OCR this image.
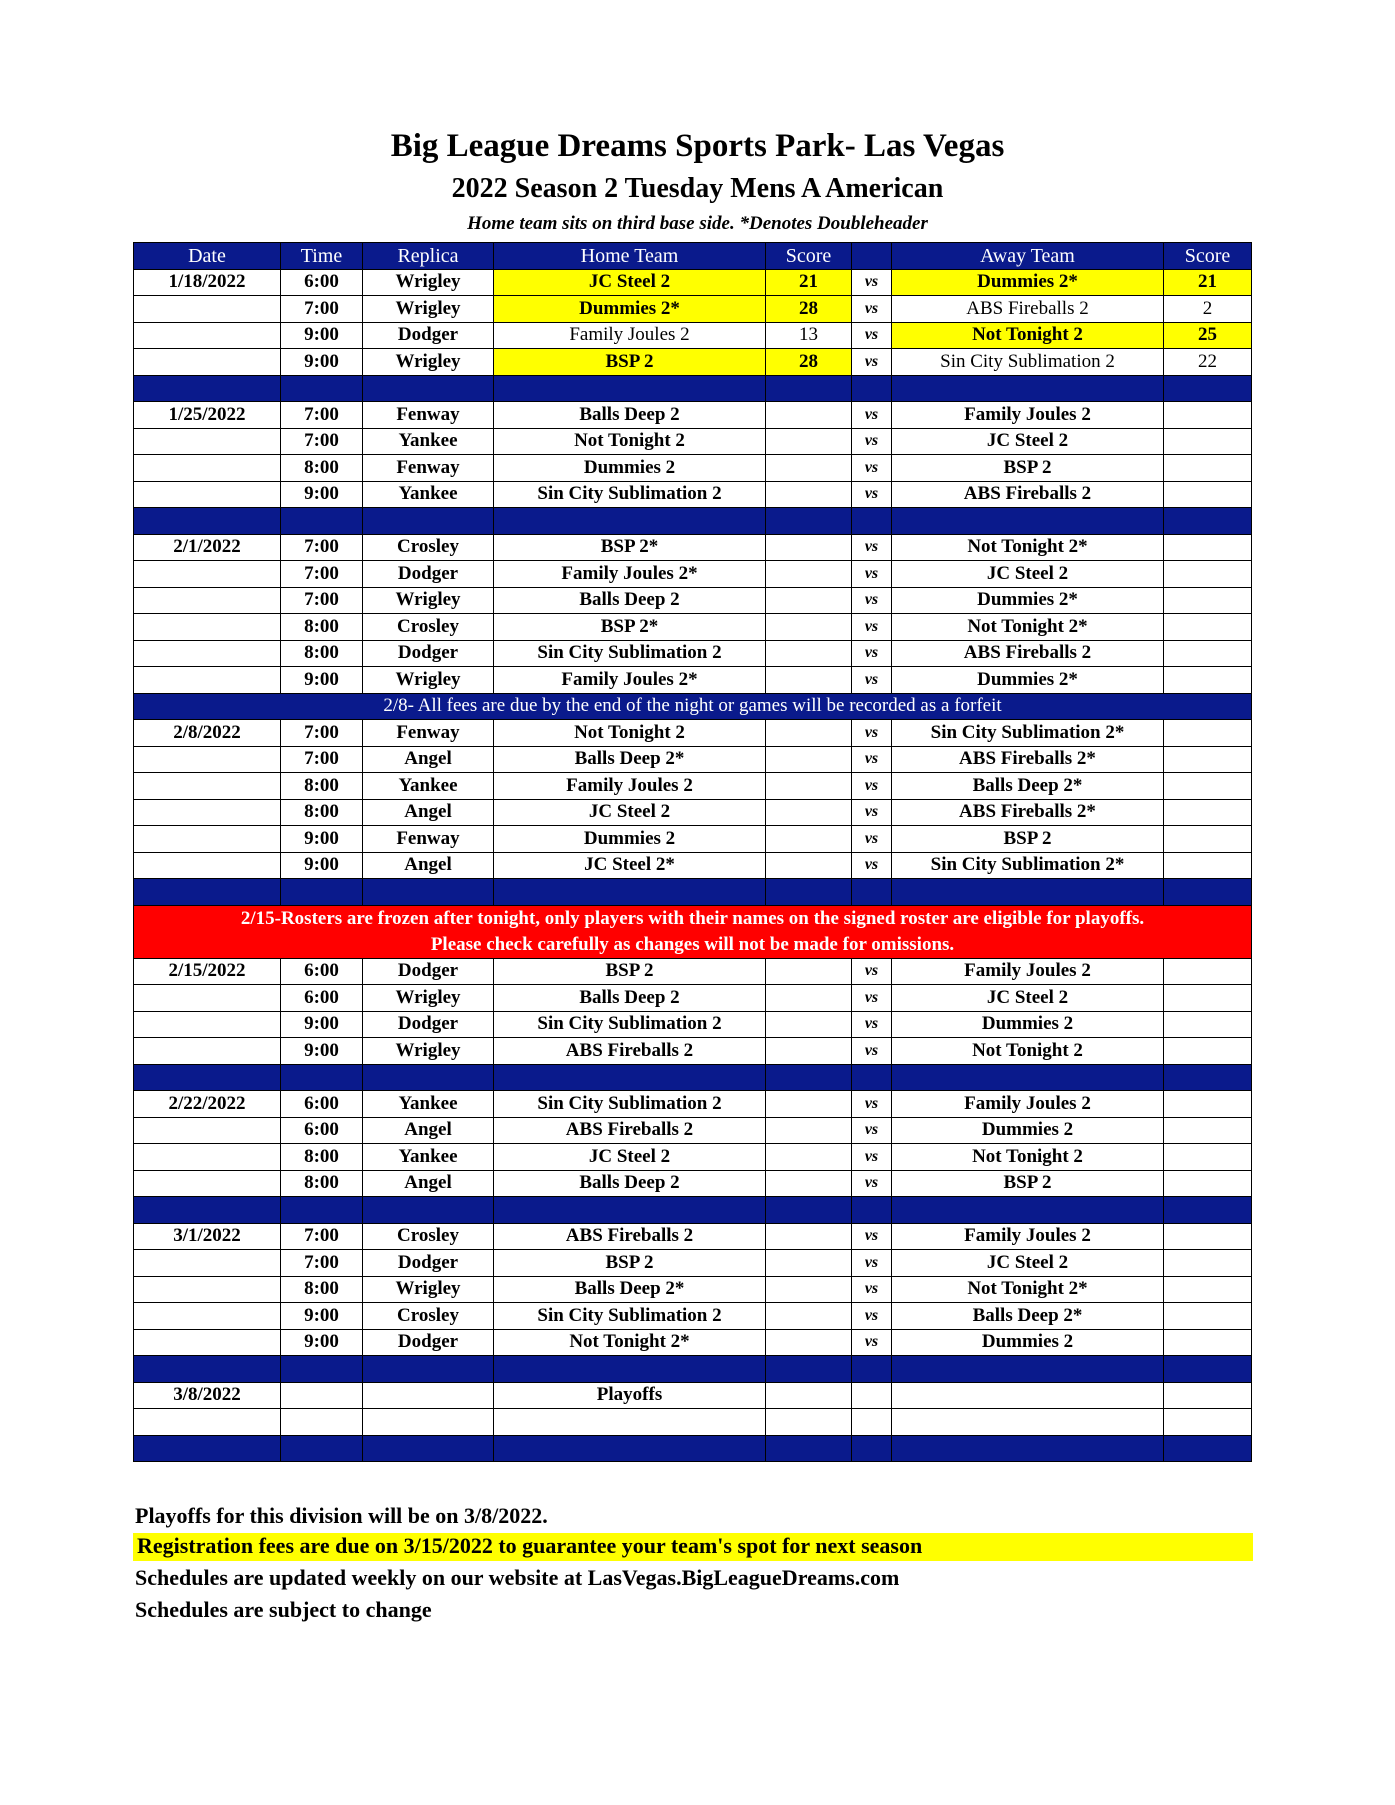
Big League Dreams Sports Park- Las Vegas
2022 Season 2 Tuesday Mens A American
Home team sits on third base side. *Denotes Doubleheader
Date	Time	Replica	Home Team	Score		Away Team	Score
1/18/2022	6:00	Wrigley	JC Steel 2	21	vs	Dummies 2*	21
	7:00	Wrigley	Dummies 2*	28	vs	ABS Fireballs 2	2
	9:00	Dodger	Family Joules 2	13	vs	Not Tonight 2	25
	9:00	Wrigley	BSP 2	28	vs	Sin City Sublimation 2	22

1/25/2022	7:00	Fenway	Balls Deep 2		vs	Family Joules 2	
	7:00	Yankee	Not Tonight 2		vs	JC Steel 2	
	8:00	Fenway	Dummies 2		vs	BSP 2	
	9:00	Yankee	Sin City Sublimation 2		vs	ABS Fireballs 2	

2/1/2022	7:00	Crosley	BSP 2*		vs	Not Tonight 2*	
	7:00	Dodger	Family Joules 2*		vs	JC Steel 2	
	7:00	Wrigley	Balls Deep 2		vs	Dummies 2*	
	8:00	Crosley	BSP 2*		vs	Not Tonight 2*	
	8:00	Dodger	Sin City Sublimation 2		vs	ABS Fireballs 2	
	9:00	Wrigley	Family Joules 2*		vs	Dummies 2*	
2/8- All fees are due by the end of the night or games will be recorded as a forfeit							
2/8/2022	7:00	Fenway	Not Tonight 2		vs	Sin City Sublimation 2*	
	7:00	Angel	Balls Deep 2*		vs	ABS Fireballs 2*	
	8:00	Yankee	Family Joules 2		vs	Balls Deep 2*	
	8:00	Angel	JC Steel 2		vs	ABS Fireballs 2*	
	9:00	Fenway	Dummies 2		vs	BSP 2	
	9:00	Angel	JC Steel 2*		vs	Sin City Sublimation 2*	

2/15-Rosters are frozen after tonight, only players with their names on the signed roster are eligible for playoffs.
Please check carefully as changes will not be made for omissions.							

2/15/2022	6:00	Dodger	BSP 2		vs	Family Joules 2	
	6:00	Wrigley	Balls Deep 2		vs	JC Steel 2	
	9:00	Dodger	Sin City Sublimation 2		vs	Dummies 2	
	9:00	Wrigley	ABS Fireballs 2		vs	Not Tonight 2	

2/22/2022	6:00	Yankee	Sin City Sublimation 2		vs	Family Joules 2	
	6:00	Angel	ABS Fireballs 2		vs	Dummies 2	
	8:00	Yankee	JC Steel 2		vs	Not Tonight 2	
	8:00	Angel	Balls Deep 2		vs	BSP 2	

3/1/2022	7:00	Crosley	ABS Fireballs 2		vs	Family Joules 2	
	7:00	Dodger	BSP 2		vs	JC Steel 2	
	8:00	Wrigley	Balls Deep 2*		vs	Not Tonight 2*	
	9:00	Crosley	Sin City Sublimation 2		vs	Balls Deep 2*	
	9:00	Dodger	Not Tonight 2*		vs	Dummies 2	

3/8/2022			Playoffs				

Playoffs for this division will be on 3/8/2022.
Registration fees are due on 3/15/2022 to guarantee your team's spot for next season
Schedules are updated weekly on our website at LasVegas.BigLeagueDreams.com
Schedules are subject to change
